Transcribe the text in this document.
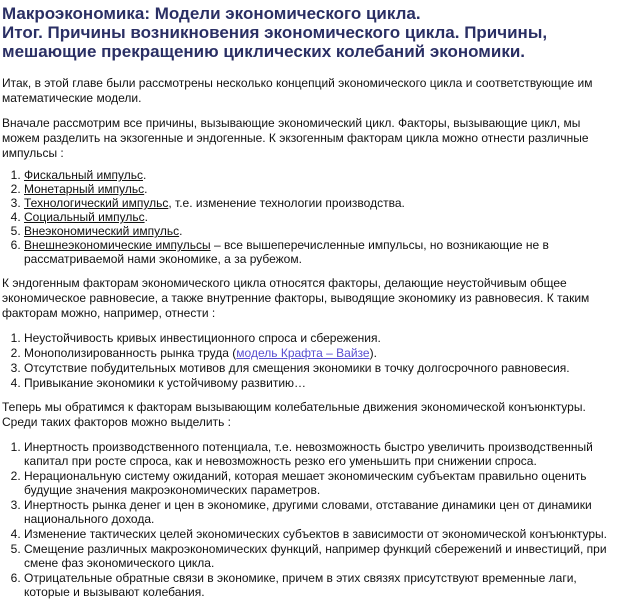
Макроэкономика: Модели экономического цикла.
Итог. Причины возникновения экономического цикла. Причины,
мешающие прекращению циклических колебаний экономики.

Итак, в этой главе были рассмотрены несколько концепций экономического цикла и соответствующие им математические модели.

Вначале рассмотрим все причины, вызывающие экономический цикл. Факторы, вызывающие цикл, мы можем разделить на экзогенные и эндогенные. К экзогенным факторам цикла можно отнести различные импульсы :

1. Фискальный импульс.
2. Монетарный импульс.
3. Технологический импульс, т.е. изменение технологии производства.
4. Социальный импульс.
5. Внеэкономический импульс.
6. Внешнеэкономические импульсы – все вышеперечисленные импульсы, но возникающие не в рассматриваемой нами экономике, а за рубежом.

К эндогенным факторам экономического цикла относятся факторы, делающие неустойчивым общее экономическое равновесие, а также внутренние факторы, выводящие экономику из равновесия. К таким факторам можно, например, отнести :

1. Неустойчивость кривых инвестиционного спроса и сбережения.
2. Монополизированность рынка труда (модель Крафта – Вайзе).
3. Отсутствие побудительных мотивов для смещения экономики в точку долгосрочного равновесия.
4. Привыкание экономики к устойчивому развитию…

Теперь мы обратимся к факторам вызывающим колебательные движения экономической конъюнктуры. Среди таких факторов можно выделить :

1. Инертность производственного потенциала, т.е. невозможность быстро увеличить производственный капитал при росте спроса, как и невозможность резко его уменьшить при снижении спроса.
2. Нерациональную систему ожиданий, которая мешает экономическим субъектам правильно оценить будущие значения макроэкономических параметров.
3. Инертность рынка денег и цен в экономике, другими словами, отставание динамики цен от динамики национального дохода.
4. Изменение тактических целей экономических субъектов в зависимости от экономической конъюнктуры.
5. Смещение различных макроэкономических функций, например функций сбережений и инвестиций, при смене фаз экономического цикла.
6. Отрицательные обратные связи в экономике, причем в этих связях присутствуют временные лаги, которые и вызывают колебания.
